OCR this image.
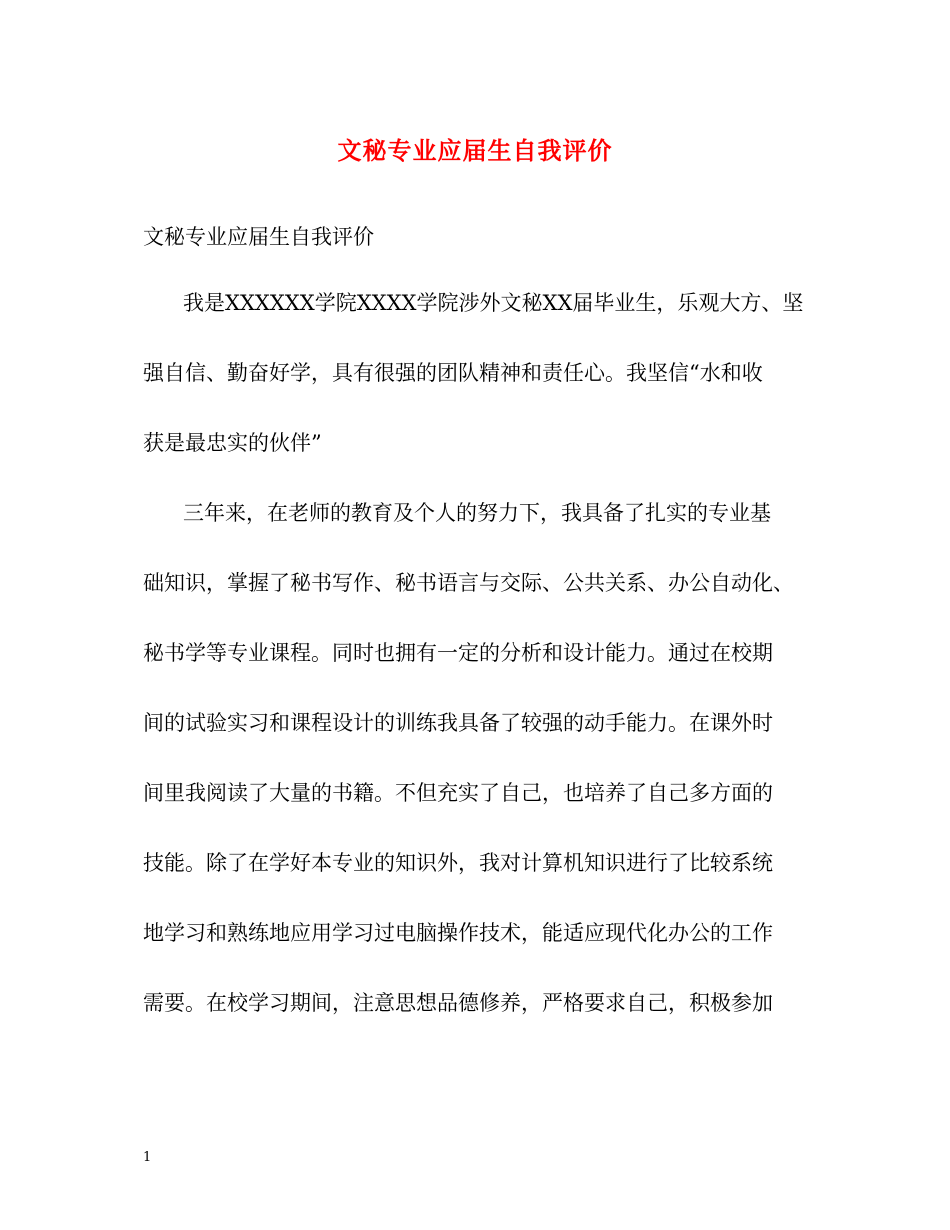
文秘专业应届生自我评价
文秘专业应届生自我评价
我是XXXXXX学院XXXX学院涉外文秘XX届毕业生，乐观大方、坚
强自信、勤奋好学，具有很强的团队精神和责任心。我坚信“水和收
获是最忠实的伙伴”
三年来，在老师的教育及个人的努力下，我具备了扎实的专业基
础知识，掌握了秘书写作、秘书语言与交际、公共关系、办公自动化、
秘书学等专业课程。同时也拥有一定的分析和设计能力。通过在校期
间的试验实习和课程设计的训练我具备了较强的动手能力。在课外时
间里我阅读了大量的书籍。不但充实了自己，也培养了自己多方面的
技能。除了在学好本专业的知识外，我对计算机知识进行了比较系统
地学习和熟练地应用学习过电脑操作技术，能适应现代化办公的工作
需要。在校学习期间，注意思想品德修养，严格要求自己，积极参加
1
